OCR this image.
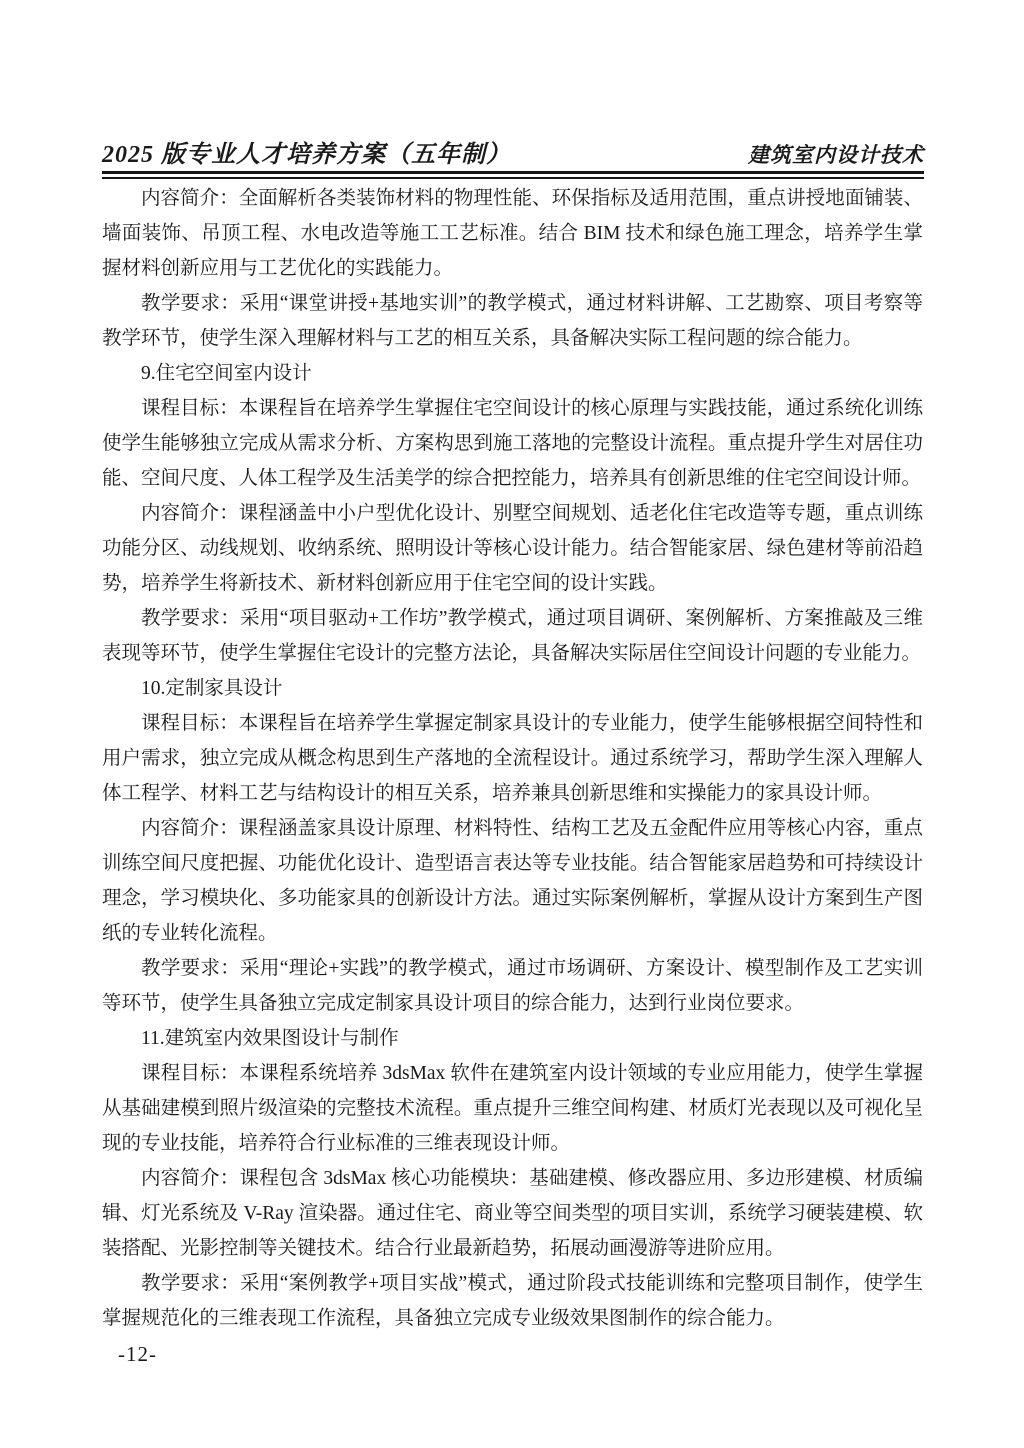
2025 版专业人才培养方案（五年制）	建筑室内设计技术

内容简介：全面解析各类装饰材料的物理性能、环保指标及适用范围，重点讲授地面铺装、墙面装饰、吊顶工程、水电改造等施工工艺标准。结合 BIM 技术和绿色施工理念，培养学生掌握材料创新应用与工艺优化的实践能力。

教学要求：采用“课堂讲授+基地实训”的教学模式，通过材料讲解、工艺勘察、项目考察等教学环节，使学生深入理解材料与工艺的相互关系，具备解决实际工程问题的综合能力。

9.住宅空间室内设计

课程目标：本课程旨在培养学生掌握住宅空间设计的核心原理与实践技能，通过系统化训练使学生能够独立完成从需求分析、方案构思到施工落地的完整设计流程。重点提升学生对居住功能、空间尺度、人体工程学及生活美学的综合把控能力，培养具有创新思维的住宅空间设计师。

内容简介：课程涵盖中小户型优化设计、别墅空间规划、适老化住宅改造等专题，重点训练功能分区、动线规划、收纳系统、照明设计等核心设计能力。结合智能家居、绿色建材等前沿趋势，培养学生将新技术、新材料创新应用于住宅空间的设计实践。

教学要求：采用“项目驱动+工作坊”教学模式，通过项目调研、案例解析、方案推敲及三维表现等环节，使学生掌握住宅设计的完整方法论，具备解决实际居住空间设计问题的专业能力。

10.定制家具设计

课程目标：本课程旨在培养学生掌握定制家具设计的专业能力，使学生能够根据空间特性和用户需求，独立完成从概念构思到生产落地的全流程设计。通过系统学习，帮助学生深入理解人体工程学、材料工艺与结构设计的相互关系，培养兼具创新思维和实操能力的家具设计师。

内容简介：课程涵盖家具设计原理、材料特性、结构工艺及五金配件应用等核心内容，重点训练空间尺度把握、功能优化设计、造型语言表达等专业技能。结合智能家居趋势和可持续设计理念，学习模块化、多功能家具的创新设计方法。通过实际案例解析，掌握从设计方案到生产图纸的专业转化流程。

教学要求：采用“理论+实践”的教学模式，通过市场调研、方案设计、模型制作及工艺实训等环节，使学生具备独立完成定制家具设计项目的综合能力，达到行业岗位要求。

11.建筑室内效果图设计与制作

课程目标：本课程系统培养 3dsMax 软件在建筑室内设计领域的专业应用能力，使学生掌握从基础建模到照片级渲染的完整技术流程。重点提升三维空间构建、材质灯光表现以及可视化呈现的专业技能，培养符合行业标准的三维表现设计师。

内容简介：课程包含 3dsMax 核心功能模块：基础建模、修改器应用、多边形建模、材质编辑、灯光系统及 V-Ray 渲染器。通过住宅、商业等空间类型的项目实训，系统学习硬装建模、软装搭配、光影控制等关键技术。结合行业最新趋势，拓展动画漫游等进阶应用。

教学要求：采用“案例教学+项目实战”模式，通过阶段式技能训练和完整项目制作，使学生掌握规范化的三维表现工作流程，具备独立完成专业级效果图制作的综合能力。

-12-
